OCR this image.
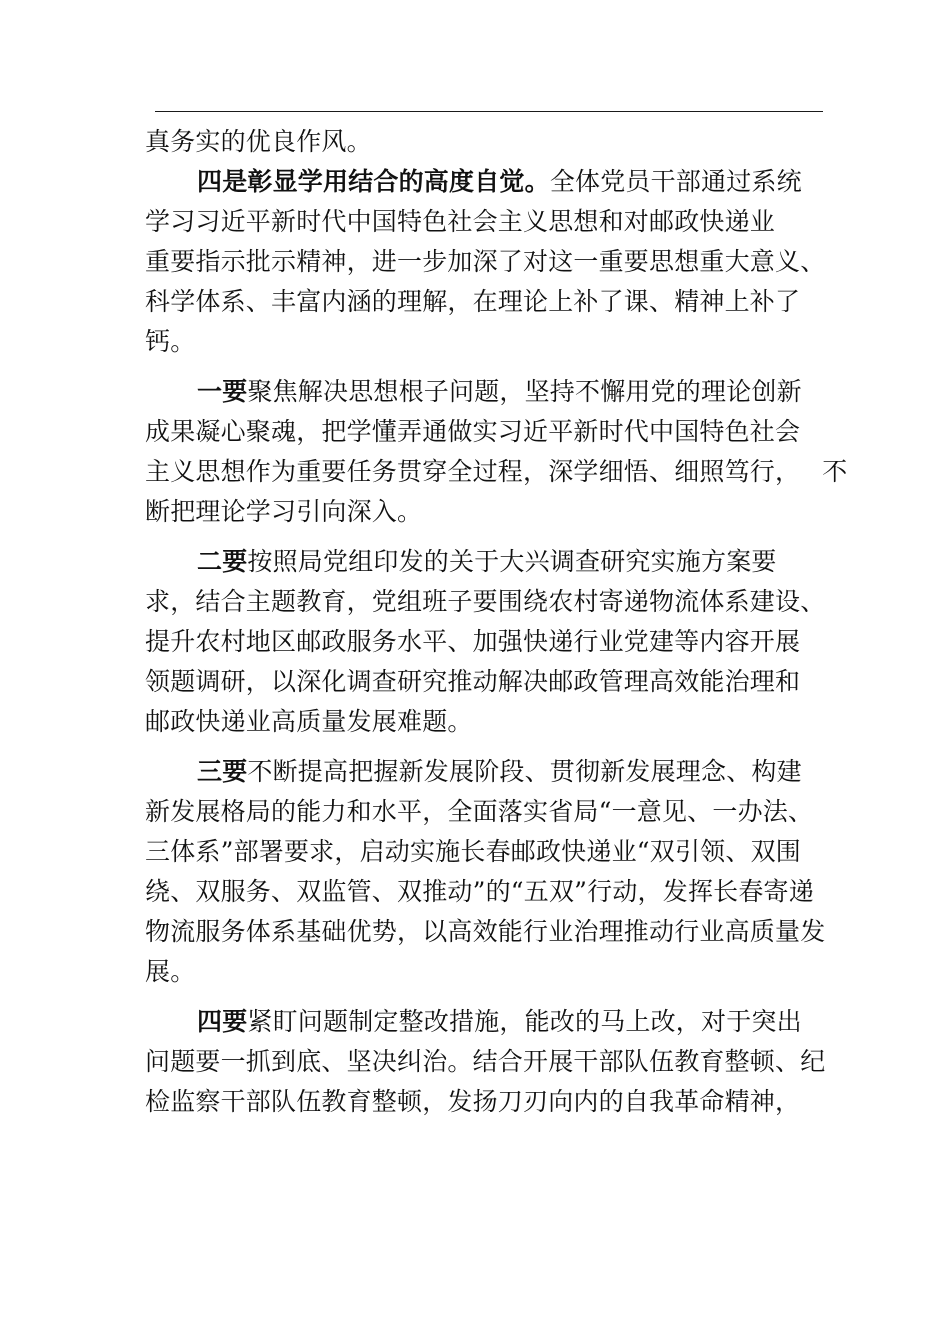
真务实的优良作风。
四是彰显学用结合的高度自觉。全体党员干部通过系统
学习习近平新时代中国特色社会主义思想和对邮政快递业
重要指示批示精神，进一步加深了对这一重要思想重大意义、
科学体系、丰富内涵的理解，在理论上补了课、精神上补了
钙。
一要聚焦解决思想根子问题，坚持不懈用党的理论创新
成果凝心聚魂，把学懂弄通做实习近平新时代中国特色社会
主义思想作为重要任务贯穿全过程，深学细悟、细照笃行， 不
断把理论学习引向深入。
二要按照局党组印发的关于大兴调查研究实施方案要
求，结合主题教育，党组班子要围绕农村寄递物流体系建设、
提升农村地区邮政服务水平、加强快递行业党建等内容开展
领题调研，以深化调查研究推动解决邮政管理高效能治理和
邮政快递业高质量发展难题。
三要不断提高把握新发展阶段、贯彻新发展理念、构建
新发展格局的能力和水平，全面落实省局“一意见、一办法、
三体系”部署要求，启动实施长春邮政快递业“双引领、双围
绕、双服务、双监管、双推动”的“五双”行动，发挥长春寄递
物流服务体系基础优势，以高效能行业治理推动行业高质量发
展。
四要紧盯问题制定整改措施，能改的马上改，对于突出
问题要一抓到底、坚决纠治。结合开展干部队伍教育整顿、纪
检监察干部队伍教育整顿，发扬刀刃向内的自我革命精神，
